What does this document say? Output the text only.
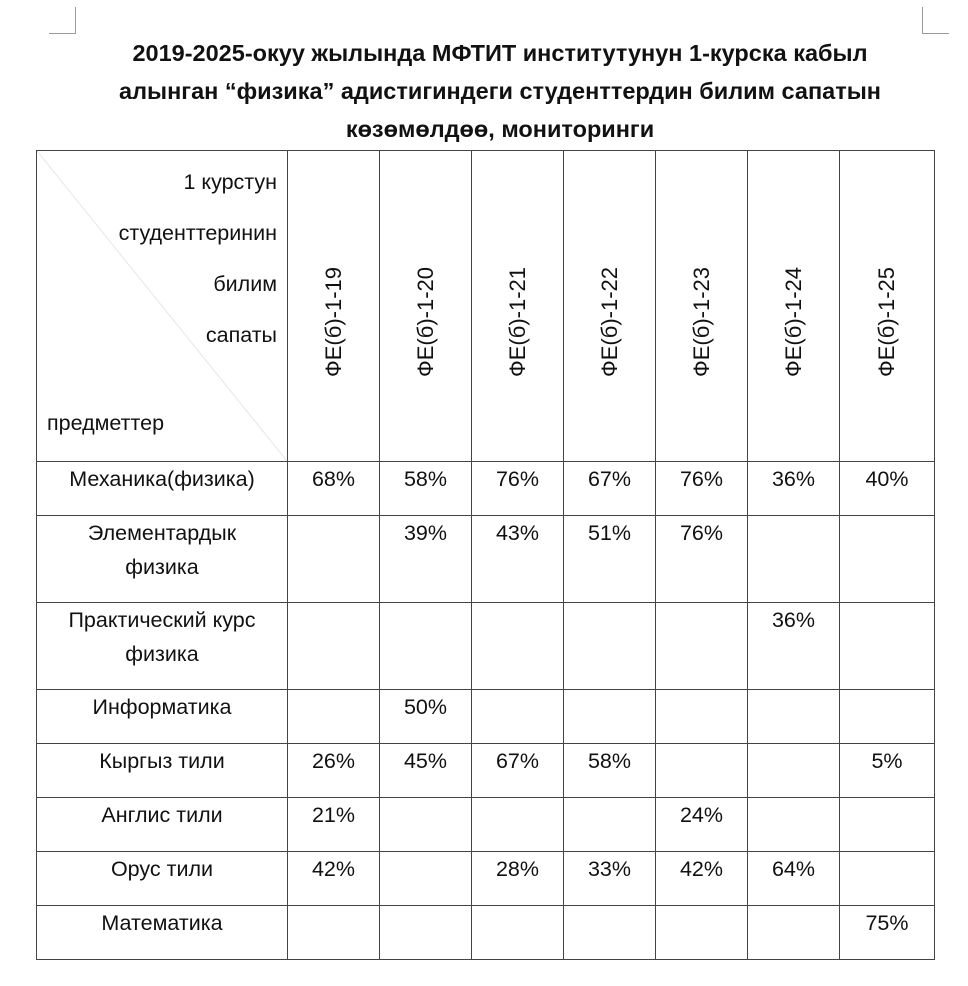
2019-2025-окуу жылында МФТИТ институтунун 1-курска кабыл
алынган “физика” адистигиндеги студенттердин билим сапатын
көзөмөлдөө, мониторинги
1 курстун
студенттеринин
билим
сапаты
предметтер	ФЕ(б)-1-19	ФЕ(б)-1-20	ФЕ(б)-1-21	ФЕ(б)-1-22	ФЕ(б)-1-23	ФЕ(б)-1-24	ФЕ(б)-1-25

Механика(физика)	68%	58%	76%	67%	76%	36%	40%

Элементардык
физика		39%	43%	51%	76%		

Практический курс
физика						36%	

Информатика		50%					

Кыргыз тили	26%	45%	67%	58%			5%

Англис тили	21%				24%		

Орус тили	42%		28%	33%	42%	64%	

Математика							75%
